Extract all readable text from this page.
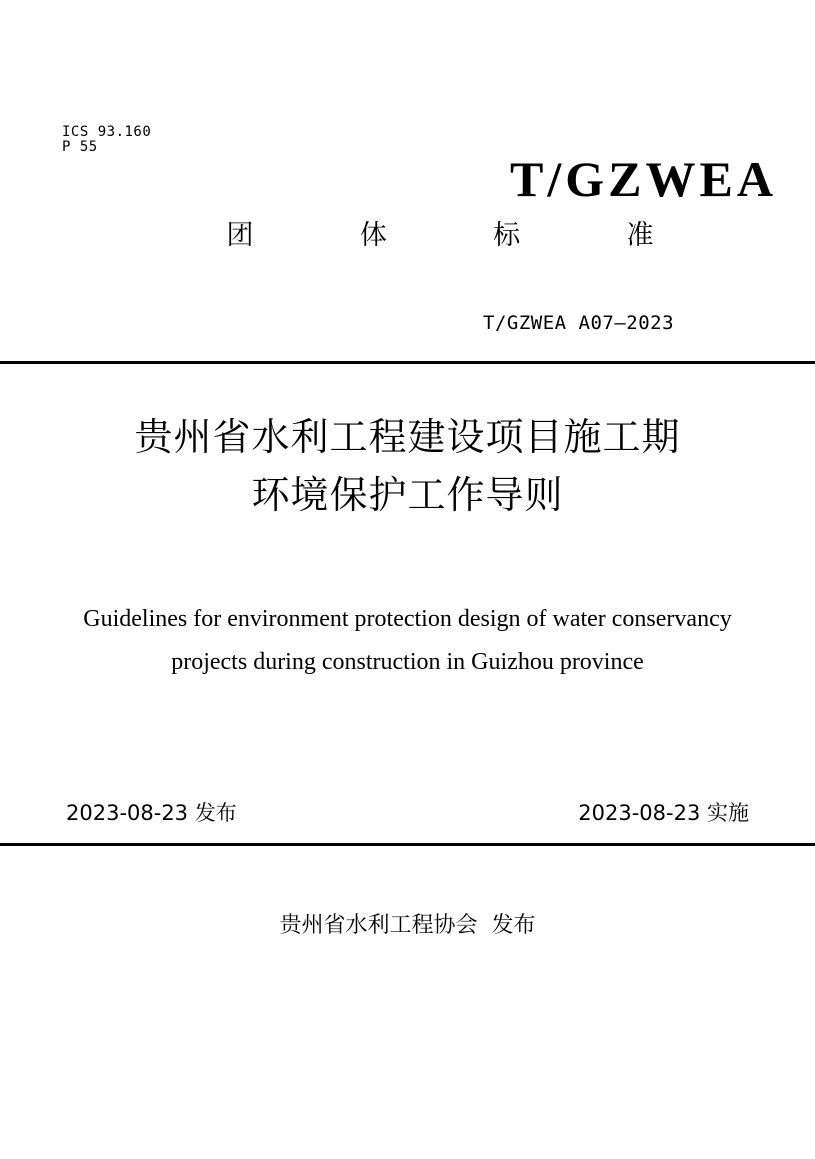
ICS 93.160
P 55
T/GZWEA
团	体	标	准
T/GZWEA A07—2023
贵州省水利工程建设项目施工期
环境保护工作导则
Guidelines for environment protection design of water conservancy
projects during construction in Guizhou province
2023-08-23 发布	2023-08-23 实施
贵州省水利工程协会  发布
